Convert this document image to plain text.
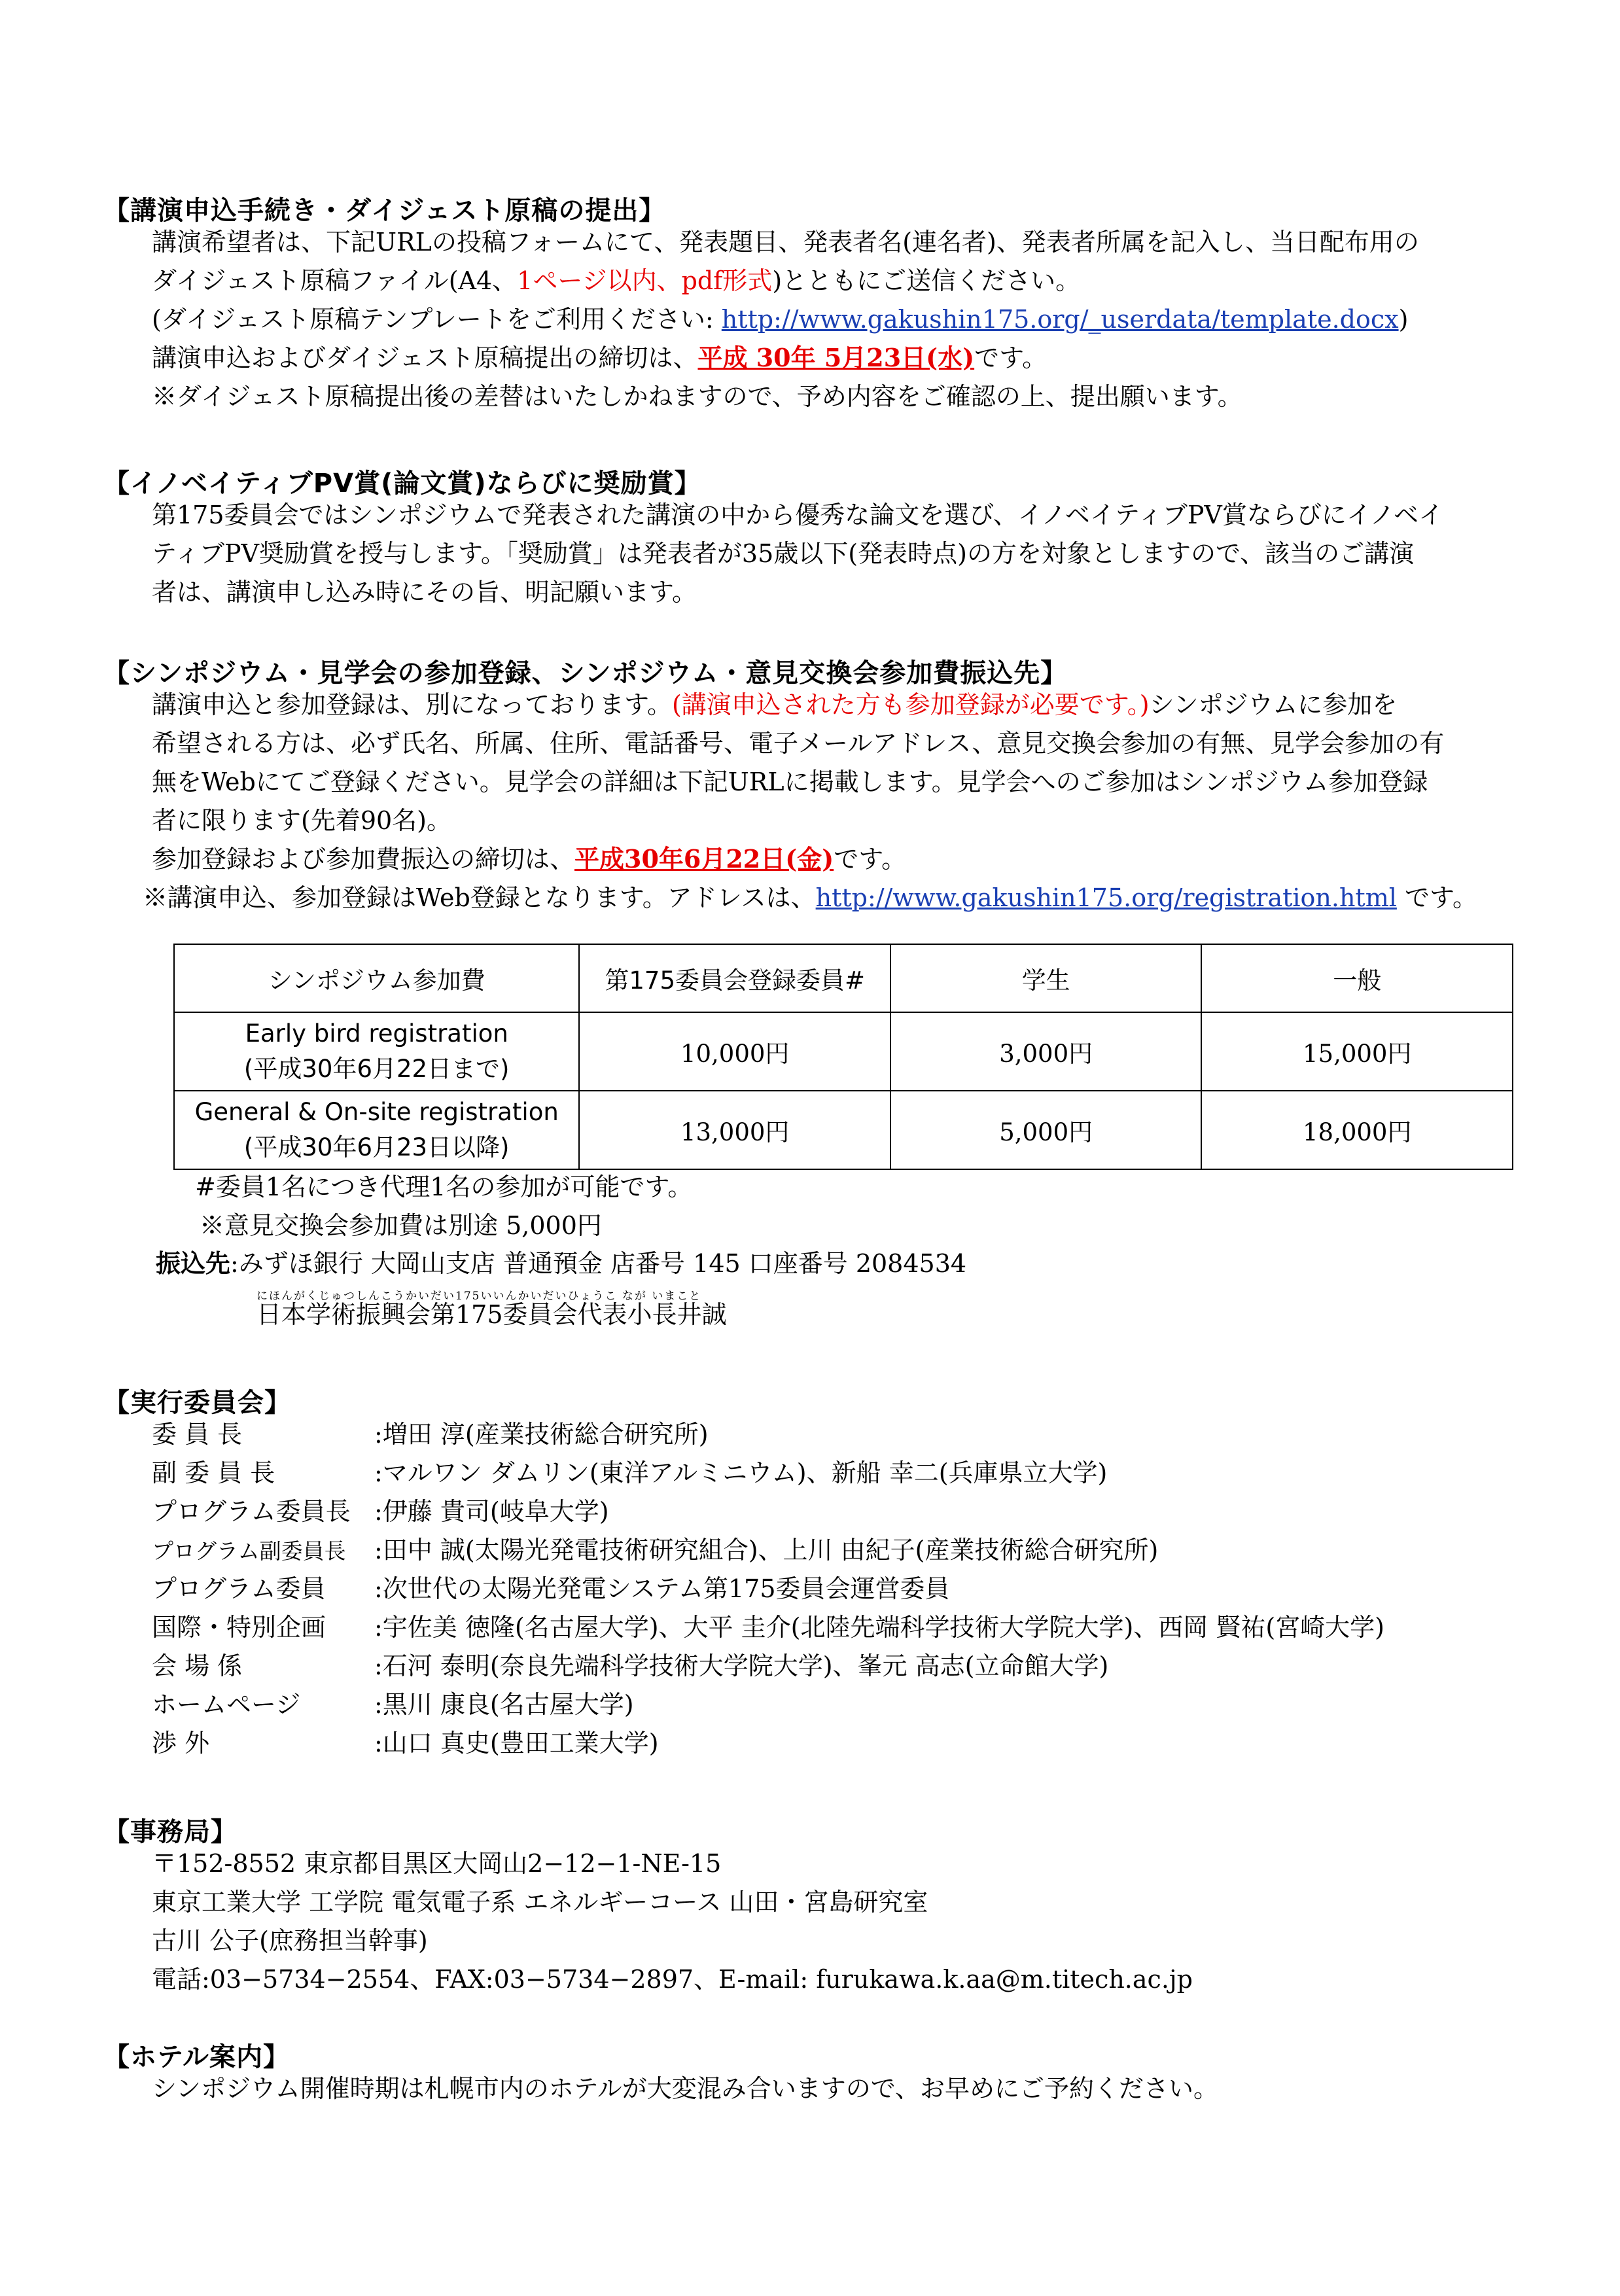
【講演申込手続き・ダイジェスト原稿の提出】
講演希望者は、下記URLの投稿フォームにて、発表題目、発表者名(連名者)、発表者所属を記入し、当日配布用の
ダイジェスト原稿ファイル(A4、1ページ以内、pdf形式)とともにご送信ください。
(ダイジェスト原稿テンプレートをご利用ください: http://www.gakushin175.org/_userdata/template.docx)
講演申込およびダイジェスト原稿提出の締切は、平成 30年 5月23日(水)です。
※ダイジェスト原稿提出後の差替はいたしかねますので、予め内容をご確認の上、提出願います。
【イノベイティブPV賞(論文賞)ならびに奨励賞】
第175委員会ではシンポジウムで発表された講演の中から優秀な論文を選び、イノベイティブPV賞ならびにイノベイ
ティブPV奨励賞を授与します。「奨励賞」は発表者が35歳以下(発表時点)の方を対象としますので、該当のご講演
者は、講演申し込み時にその旨、明記願います。
【シンポジウム・見学会の参加登録、シンポジウム・意見交換会参加費振込先】
講演申込と参加登録は、別になっております。(講演申込された方も参加登録が必要です。)シンポジウムに参加を
希望される方は、必ず氏名、所属、住所、電話番号、電子メールアドレス、意見交換会参加の有無、見学会参加の有
無をWebにてご登録ください。見学会の詳細は下記URLに掲載します。見学会へのご参加はシンポジウム参加登録
者に限ります(先着90名)。
参加登録および参加費振込の締切は、平成30年6月22日(金)です。
※講演申込、参加登録はWeb登録となります。アドレスは、http://www.gakushin175.org/registration.html です。
シンポジウム参加費	第175委員会登録委員#	学生	一般

Early bird registration
(平成30年6月22日まで)	10,000円	3,000円	15,000円

General & On-site registration
(平成30年6月23日以降)	13,000円	5,000円	18,000円
#委員1名につき代理1名の参加が可能です。
※意見交換会参加費は別途 5,000円
振込先:みずほ銀行 大岡山支店 普通預金 店番号 145 口座番号 2084534
にほんがくじゅつしんこうかいだい175いいんかいだいひょうこ なが いまこと
日本学術振興会第175委員会代表小長井誠
【実行委員会】
委 員 長	:増田 淳(産業技術総合研究所)
副 委 員 長	:マルワン ダムリン(東洋アルミニウム)、新船 幸二(兵庫県立大学)
プログラム委員長 :伊藤 貴司(岐阜大学)
プログラム副委員長 :田中 誠(太陽光発電技術研究組合)、上川 由紀子(産業技術総合研究所)
プログラム委員 :次世代の太陽光発電システム第175委員会運営委員
国際・特別企画 :宇佐美 徳隆(名古屋大学)、大平 圭介(北陸先端科学技術大学院大学)、西岡 賢祐(宮崎大学)
会 場 係	:石河 泰明(奈良先端科学技術大学院大学)、峯元 高志(立命館大学)
ホームページ	:黒川 康良(名古屋大学)
渉 外	:山口 真史(豊田工業大学)
【事務局】
〒152-8552 東京都目黒区大岡山2−12−1-NE-15
東京工業大学 工学院 電気電子系 エネルギーコース 山田・宮島研究室
古川 公子(庶務担当幹事)
電話:03−5734−2554、FAX:03−5734−2897、E-mail: furukawa.k.aa@m.titech.ac.jp
【ホテル案内】
シンポジウム開催時期は札幌市内のホテルが大変混み合いますので、お早めにご予約ください。
